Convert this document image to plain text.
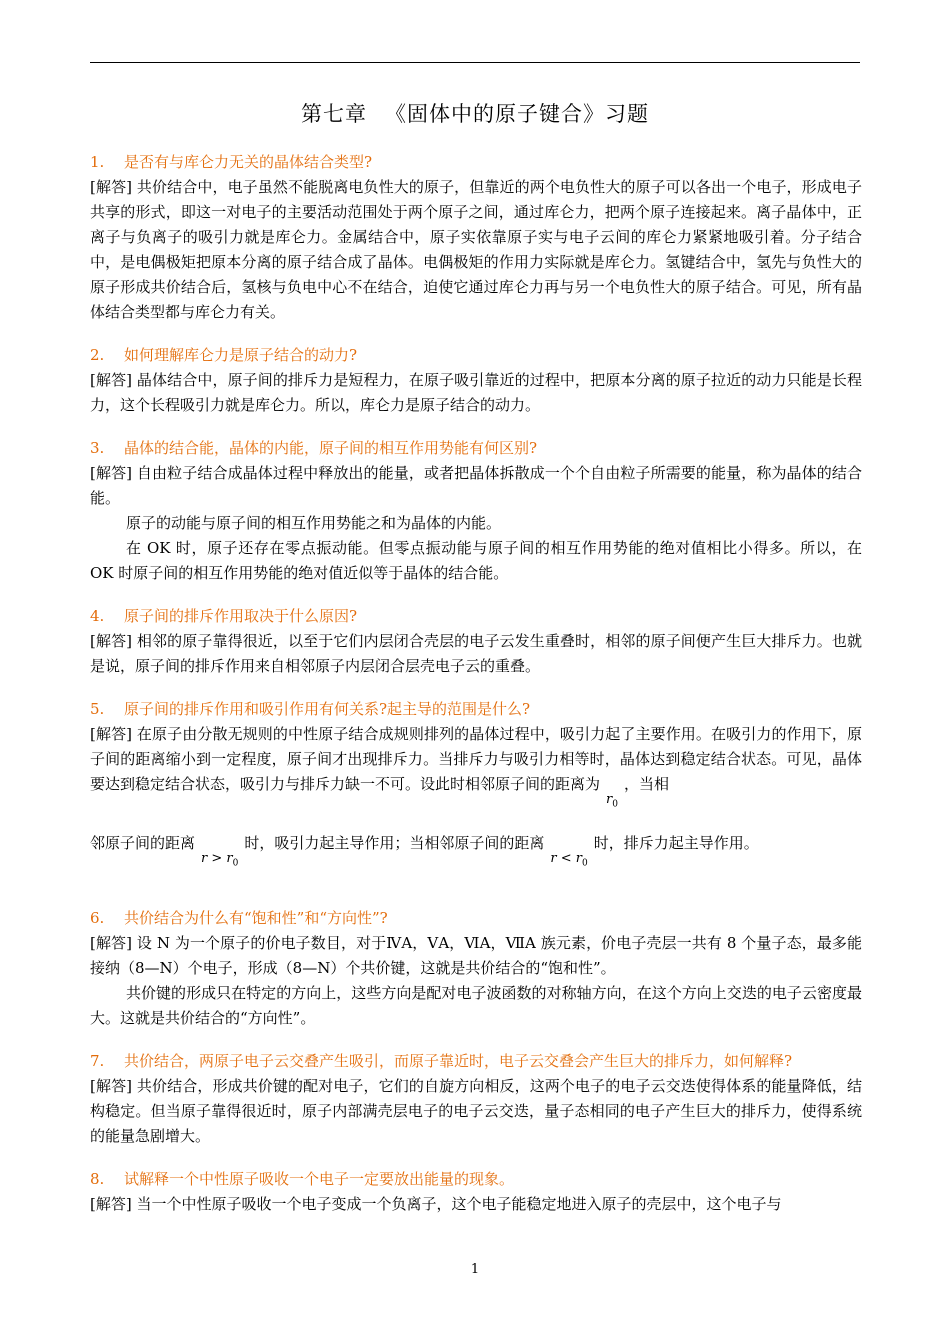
第七章 《固体中的原子键合》习题
1. 是否有与库仑力无关的晶体结合类型?

[解答] 共价结合中，电子虽然不能脱离电负性大的原子，但靠近的两个电负性大的原子可以各出一个电子，形成电子共享的形式，即这一对电子的主要活动范围处于两个原子之间，通过库仑力，把两个原子连接起来。离子晶体中，正离子与负离子的吸引力就是库仑力。金属结合中，原子实依靠原子实与电子云间的库仑力紧紧地吸引着。分子结合中，是电偶极矩把原本分离的原子结合成了晶体。电偶极矩的作用力实际就是库仑力。氢键结合中，氢先与负性大的原子形成共价结合后，氢核与负电中心不在结合，迫使它通过库仑力再与另一个电负性大的原子结合。可见，所有晶体结合类型都与库仑力有关。

2. 如何理解库仑力是原子结合的动力?

[解答] 晶体结合中，原子间的排斥力是短程力，在原子吸引靠近的过程中，把原本分离的原子拉近的动力只能是长程力，这个长程吸引力就是库仑力。所以，库仑力是原子结合的动力。

3. 晶体的结合能，晶体的内能，原子间的相互作用势能有何区别?

[解答] 自由粒子结合成晶体过程中释放出的能量，或者把晶体拆散成一个个自由粒子所需要的能量，称为晶体的结合能。

原子的动能与原子间的相互作用势能之和为晶体的内能。

在 OK 时，原子还存在零点振动能。但零点振动能与原子间的相互作用势能的绝对值相比小得多。所以，在 OK 时原子间的相互作用势能的绝对值近似等于晶体的结合能。

4. 原子间的排斥作用取决于什么原因?

[解答] 相邻的原子靠得很近，以至于它们内层闭合壳层的电子云发生重叠时，相邻的原子间便产生巨大排斥力。也就是说，原子间的排斥作用来自相邻原子内层闭合层壳电子云的重叠。

5. 原子间的排斥作用和吸引作用有何关系?起主导的范围是什么?

[解答] 在原子由分散无规则的中性原子结合成规则排列的晶体过程中，吸引力起了主要作用。在吸引力的作用下，原子间的距离缩小到一定程度，原子间才出现排斥力。当排斥力与吸引力相等时，晶体达到稳定结合状态。可见，晶体要达到稳定结合状态，吸引力与排斥力缺一不可。设此时相邻原子间的距离为$r_0$，当相

邻原子间的距离$r > r_0$时，吸引力起主导作用；当相邻原子间的距离$r < r_0$时，排斥力起主导作用。

6. 共价结合为什么有“饱和性”和“方向性”?

[解答] 设 N 为一个原子的价电子数目，对于ⅣA，ⅤA，ⅥA，ⅦA 族元素，价电子壳层一共有 8 个量子态，最多能接纳（8—N）个电子，形成（8—N）个共价键，这就是共价结合的“饱和性”。

共价键的形成只在特定的方向上，这些方向是配对电子波函数的对称轴方向，在这个方向上交迭的电子云密度最大。这就是共价结合的“方向性”。

7. 共价结合，两原子电子云交叠产生吸引，而原子靠近时，电子云交叠会产生巨大的排斥力，如何解释?

[解答] 共价结合，形成共价键的配对电子，它们的自旋方向相反，这两个电子的电子云交迭使得体系的能量降低，结构稳定。但当原子靠得很近时，原子内部满壳层电子的电子云交迭，量子态相同的电子产生巨大的排斥力，使得系统的能量急剧增大。

8. 试解释一个中性原子吸收一个电子一定要放出能量的现象。

[解答] 当一个中性原子吸收一个电子变成一个负离子，这个电子能稳定地进入原子的壳层中，这个电子与

1
